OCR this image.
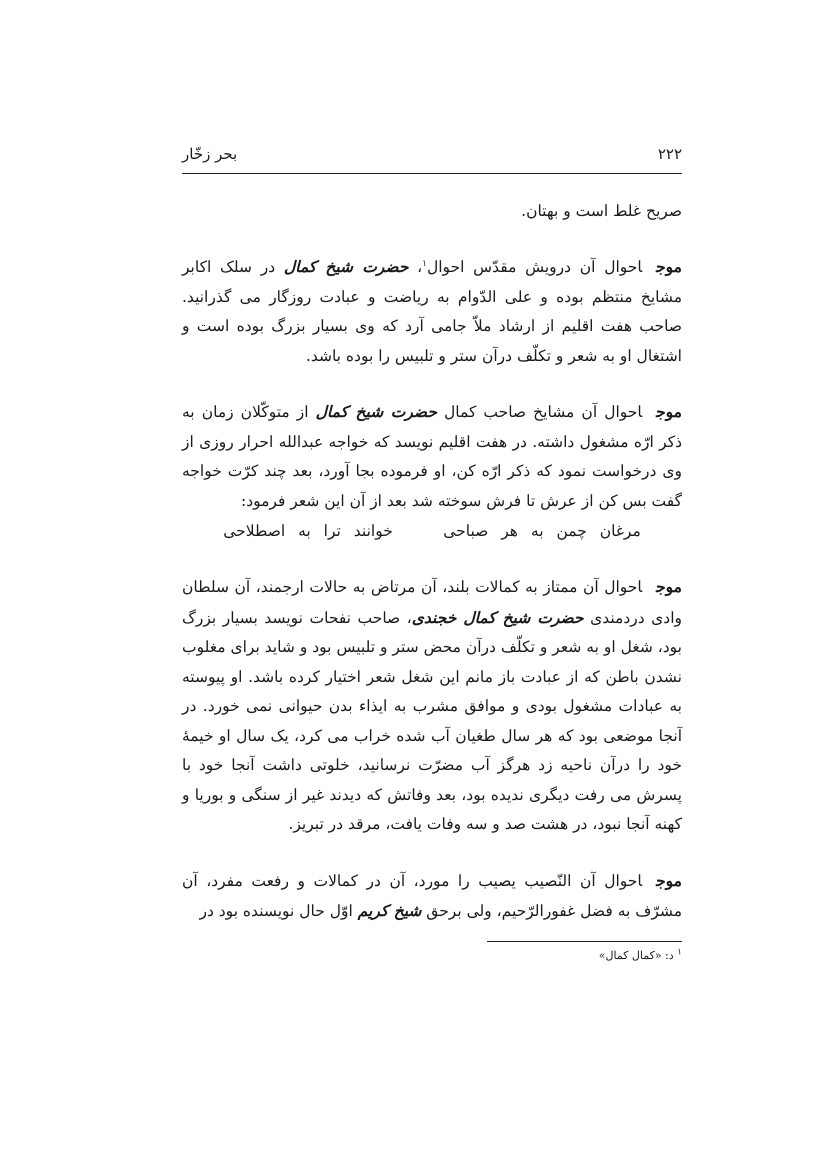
۲۲۲
بحر زخّار
صریح غلط است و بهتان.
موجاحوال آن درویش مقدّس احوال$^۱$، حضرت شیخ کمال در سلک اکابر مشایخ منتظم بوده و علی الدّوام به ریاضت و عبادت روزگار می گذرانید. صاحب هفت اقلیم از ارشاد ملاّ جامی آرد که وی بسیار بزرگ بوده است و اشتغال او به شعر و تکلّف درآن ستر و تلبیس را بوده باشد.
موجاحوال آن مشایخ صاحب کمال حضرت شیخ کمال از متوکّلان زمان به ذکر ارّه مشغول داشته. در هفت اقلیم نویسد که خواجه عبدالله احرار روزی از وی درخواست نمود که ذکر ارّه کن، او فرموده بجا آورد، بعد چند کرّت خواجه گفت بس کن از عرش تا فرش سوخته شد بعد از آن این شعر فرمود:
مرغان چمن به هر صباحی
خوانند ترا به اصطلاحی
موجاحوال آن ممتاز به کمالات بلند، آن مرتاض به حالات ارجمند، آن سلطان وادی دردمندی حضرت شیخ کمال خجندی، صاحب نفحات نویسد بسیار بزرگ بود، شغل او به شعر و تکلّف درآن محض ستر و تلبیس بود و شاید برای مغلوب نشدن باطن که از عبادت باز مانم این شغل شعر اختیار کرده باشد. او پیوسته به عبادات مشغول بودی و موافق مشرب به ایذاء بدن حیوانی نمی خورد. در آنجا موضعی بود که هر سال طغیان آب شده خراب می کرد، یک سال او خیمهٔ خود را درآن ناحیه زد هرگز آب مضرّت نرسانید، خلوتی داشت آنجا خود با پسرش می رفت دیگری ندیده بود، بعد وفاتش که دیدند غیر از سنگی و بوریا و کهنه آنجا نبود، در هشت صد و سه وفات یافت، مرقد در تبریز.
موجاحوال آن النّصیب یصیب را مورد، آن در کمالات و رفعت مفرد، آن مشرّف به فضل غفورالرّحیم، ولی برحق شیخ کریم اوّل حال نویسنده بود در
$^۱$ د: «کمال کمال»
